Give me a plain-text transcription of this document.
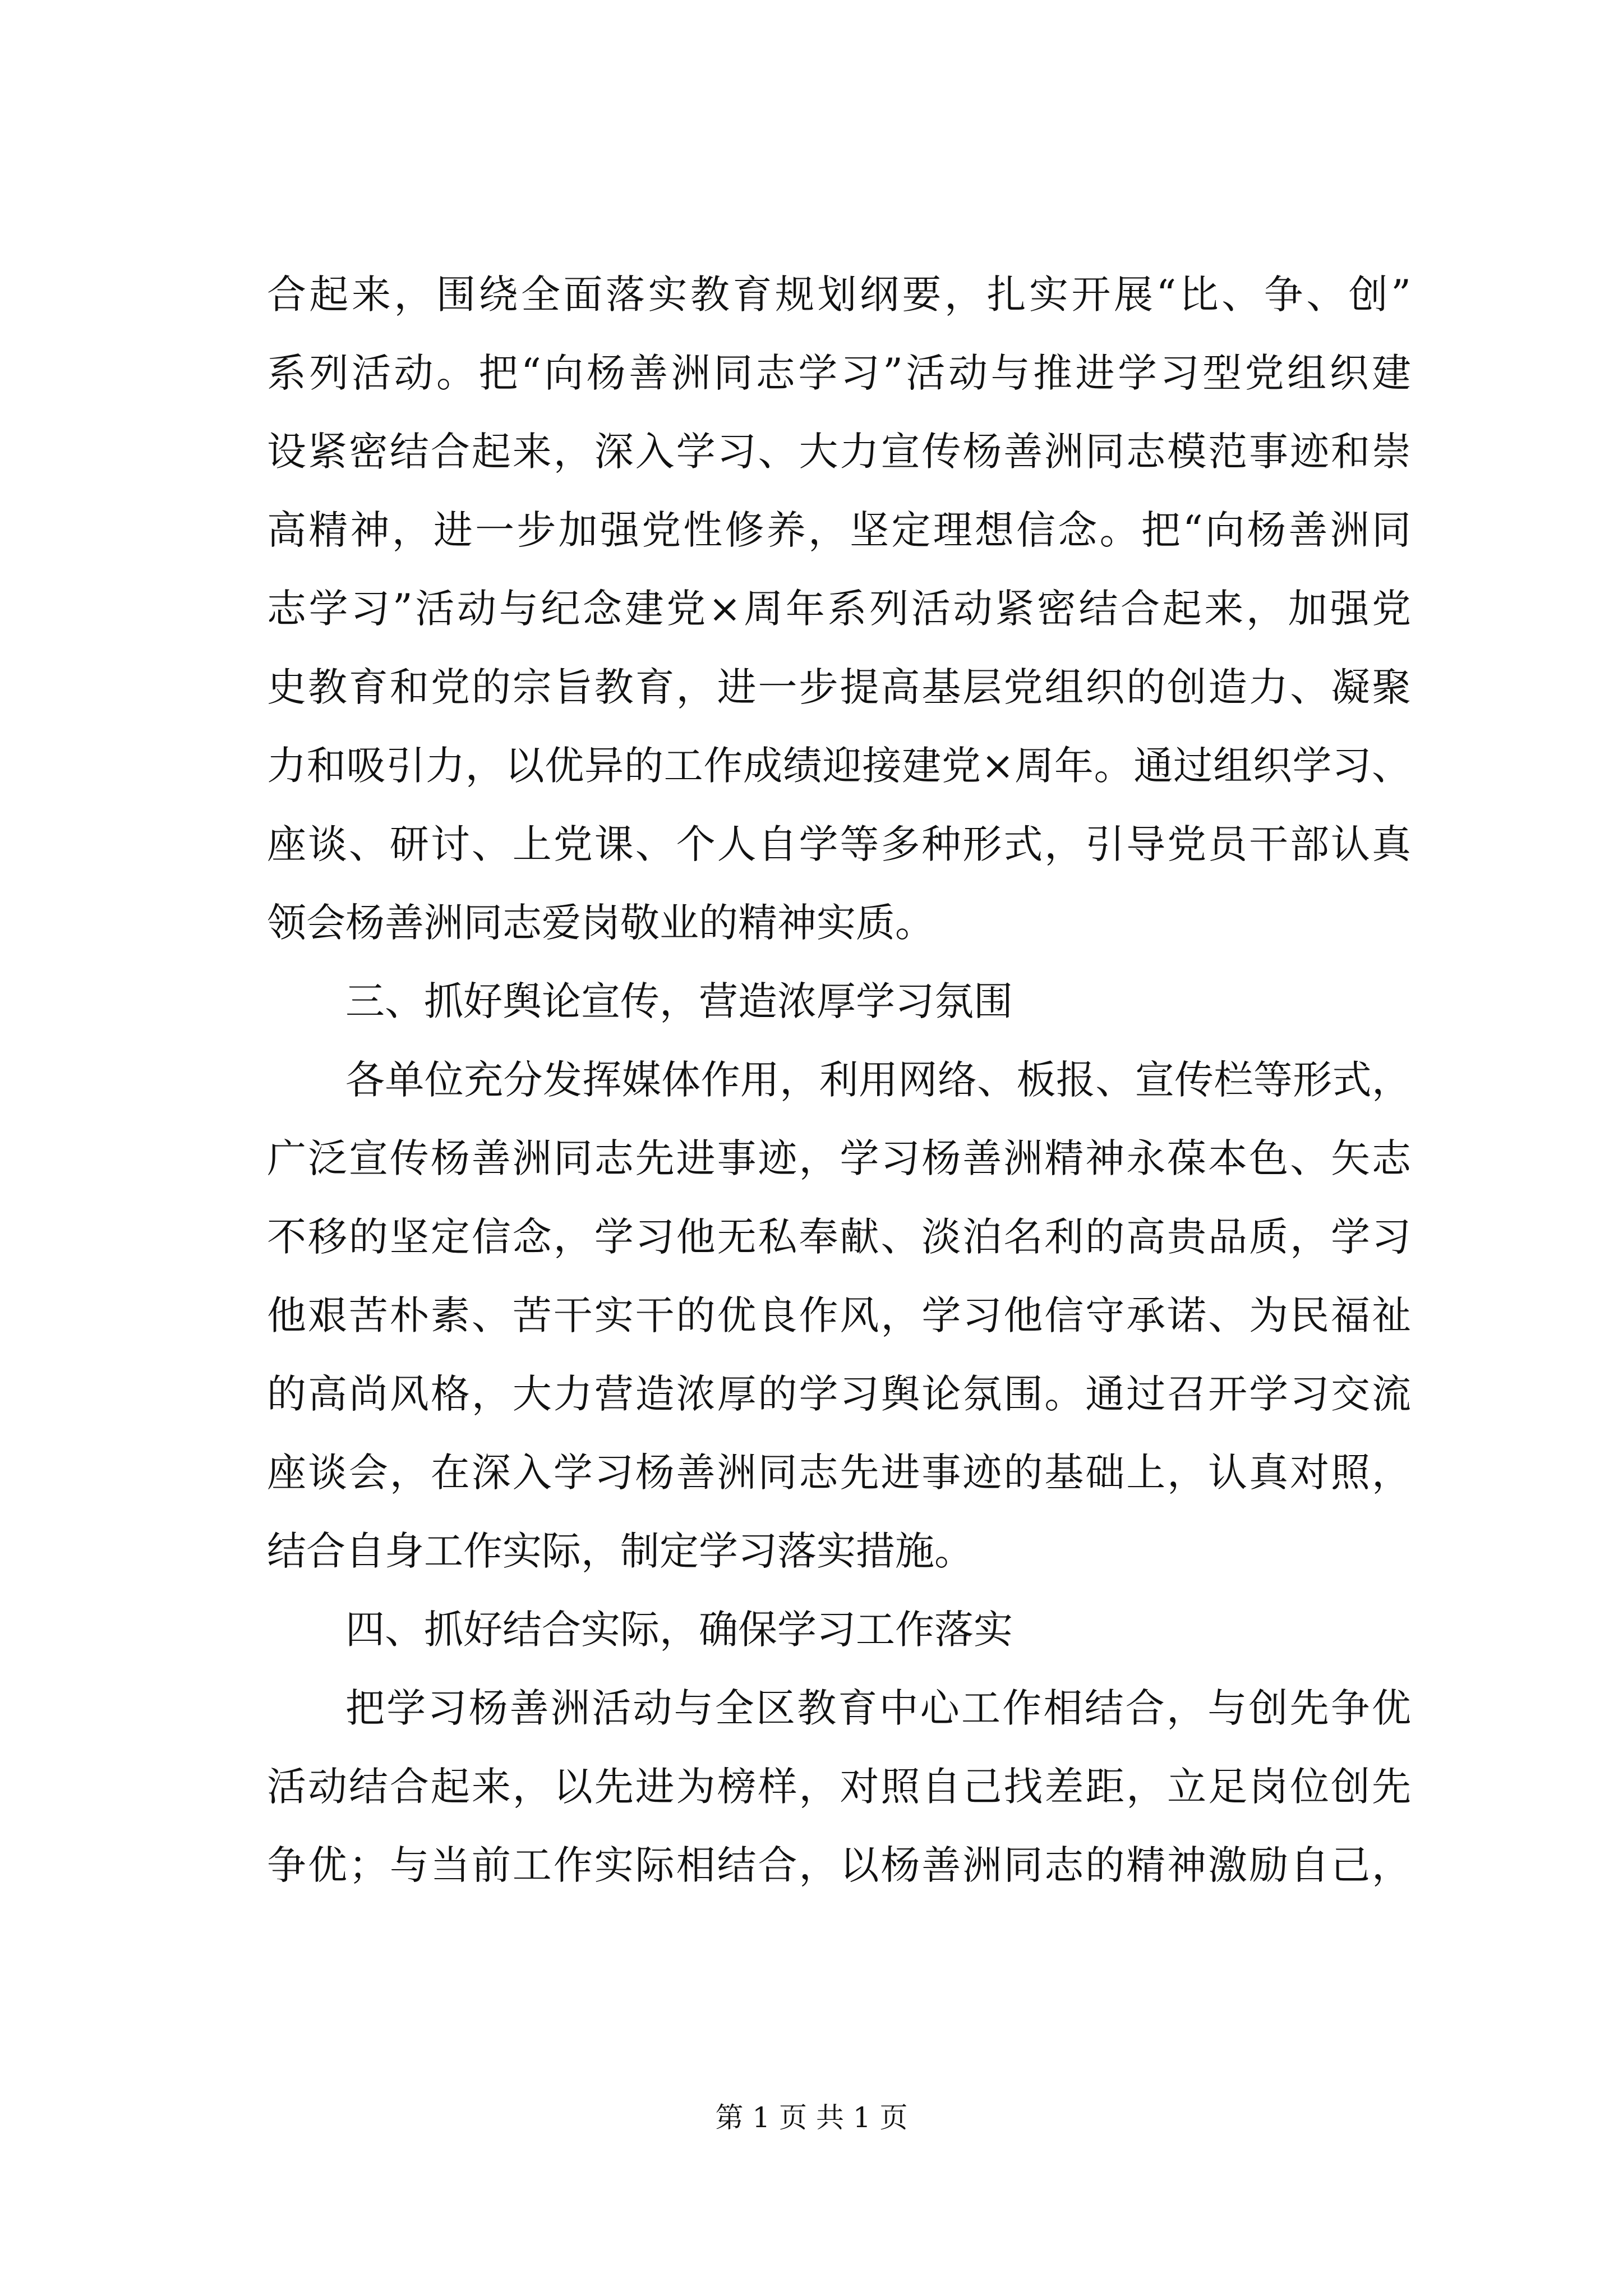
合起来，围绕全面落实教育规划纲要，扎实开展“比、争、创”
系列活动。把“向杨善洲同志学习”活动与推进学习型党组织建
设紧密结合起来，深入学习、大力宣传杨善洲同志模范事迹和崇
高精神，进一步加强党性修养，坚定理想信念。把“向杨善洲同
志学习”活动与纪念建党×周年系列活动紧密结合起来，加强党
史教育和党的宗旨教育，进一步提高基层党组织的创造力、凝聚
力和吸引力，以优异的工作成绩迎接建党×周年。通过组织学习、
座谈、研讨、上党课、个人自学等多种形式，引导党员干部认真
领会杨善洲同志爱岗敬业的精神实质。
三、抓好舆论宣传，营造浓厚学习氛围
各单位充分发挥媒体作用，利用网络、板报、宣传栏等形式，
广泛宣传杨善洲同志先进事迹，学习杨善洲精神永葆本色、矢志
不移的坚定信念，学习他无私奉献、淡泊名利的高贵品质，学习
他艰苦朴素、苦干实干的优良作风，学习他信守承诺、为民福祉
的高尚风格，大力营造浓厚的学习舆论氛围。通过召开学习交流
座谈会，在深入学习杨善洲同志先进事迹的基础上，认真对照，
结合自身工作实际，制定学习落实措施。
四、抓好结合实际，确保学习工作落实
把学习杨善洲活动与全区教育中心工作相结合，与创先争优
活动结合起来，以先进为榜样，对照自己找差距，立足岗位创先
争优；与当前工作实际相结合，以杨善洲同志的精神激励自己，
第 1 页 共 1 页
